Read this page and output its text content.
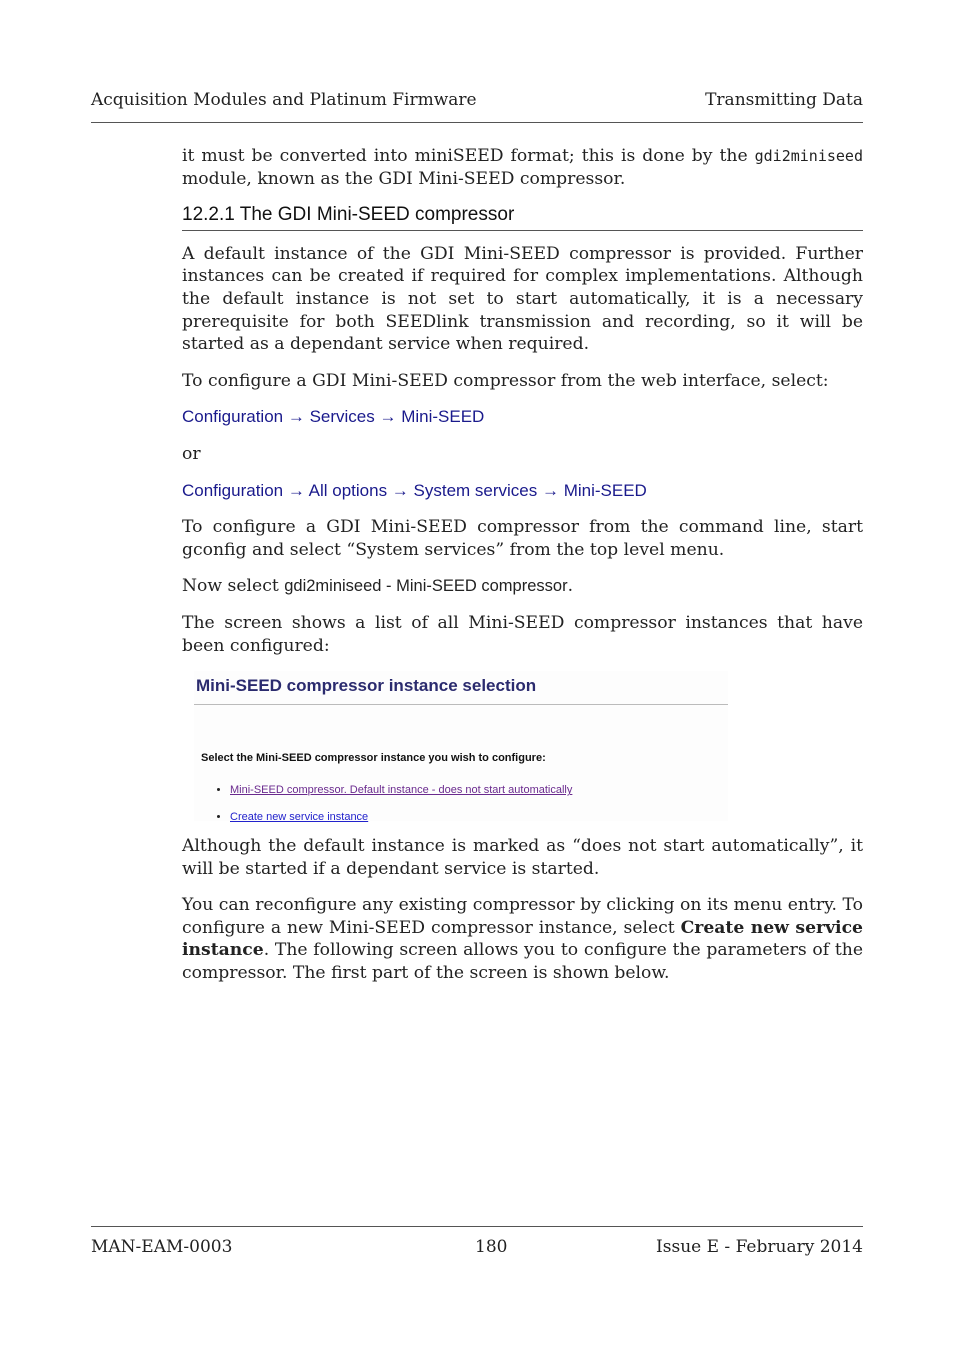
Acquisition Modules and Platinum Firmware	Transmitting Data

it must be converted into miniSEED format; this is done by the gdi2miniseed module, known as the GDI Mini-SEED compressor.

12.2.1 The GDI Mini-SEED compressor

A default instance of the GDI Mini-SEED compressor is provided. Further instances can be created if required for complex implementations. Although the default instance is not set to start automatically, it is a necessary prerequisite for both SEEDlink transmission and recording, so it will be started as a dependant service when required.

To configure a GDI Mini-SEED compressor from the web interface, select:

Configuration → Services → Mini-SEED

or

Configuration → All options → System services → Mini-SEED

To configure a GDI Mini-SEED compressor from the command line, start gconfig and select “System services” from the top level menu.

Now select gdi2miniseed - Mini-SEED compressor.

The screen shows a list of all Mini-SEED compressor instances that have been configured:

Mini-SEED compressor instance selection
Select the Mini-SEED compressor instance you wish to configure:
• Mini-SEED compressor. Default instance - does not start automatically
• Create new service instance

Although the default instance is marked as “does not start automatically”, it will be started if a dependant service is started.

You can reconfigure any existing compressor by clicking on its menu entry. To configure a new Mini-SEED compressor instance, select Create new service instance. The following screen allows you to configure the parameters of the compressor. The first part of the screen is shown below.

MAN-EAM-0003	180	Issue E - February 2014
